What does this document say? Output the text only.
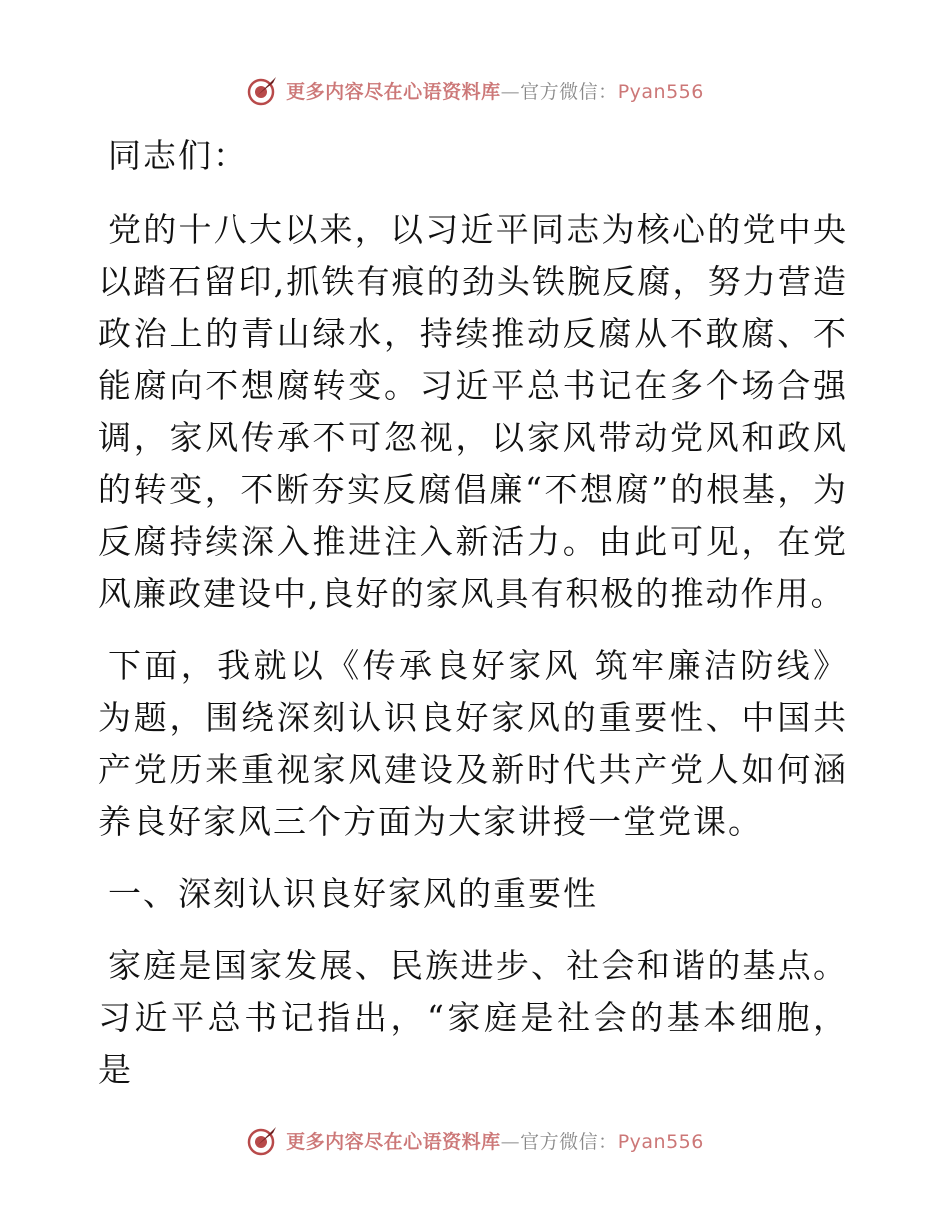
更多内容尽在心语资料库—官方微信：Pyan556

同志们：

党的十八大以来，以习近平同志为核心的党中央以踏石留印,抓铁有痕的劲头铁腕反腐，努力营造政治上的青山绿水，持续推动反腐从不敢腐、不能腐向不想腐转变。习近平总书记在多个场合强调，家风传承不可忽视，以家风带动党风和政风的转变，不断夯实反腐倡廉“不想腐”的根基，为反腐持续深入推进注入新活力。由此可见，在党风廉政建设中,良好的家风具有积极的推动作用。

下面，我就以《传承良好家风 筑牢廉洁防线》为题，围绕深刻认识良好家风的重要性、中国共产党历来重视家风建设及新时代共产党人如何涵养良好家风三个方面为大家讲授一堂党课。

一、深刻认识良好家风的重要性

家庭是国家发展、民族进步、社会和谐的基点。习近平总书记指出，“家庭是社会的基本细胞，是

更多内容尽在心语资料库—官方微信：Pyan556
